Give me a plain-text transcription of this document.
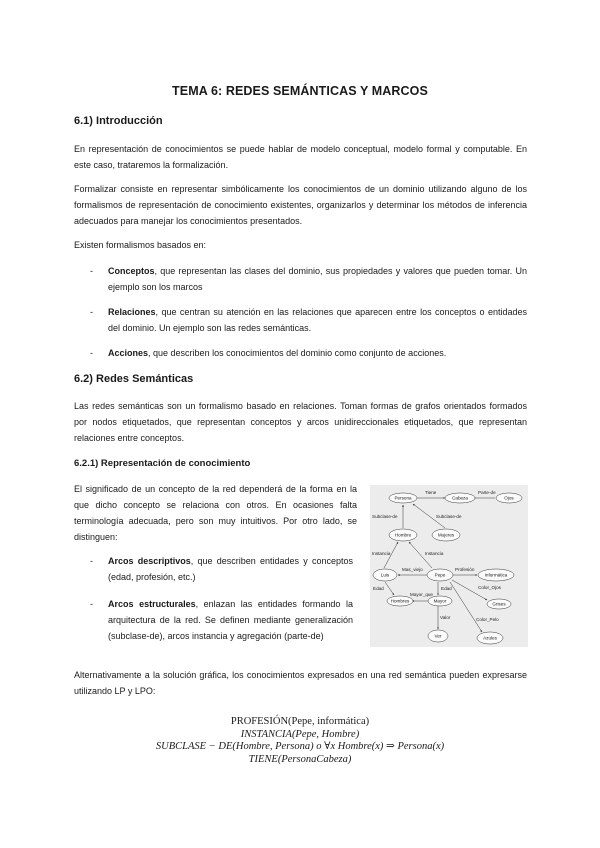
TEMA 6: REDES SEMÁNTICAS Y MARCOS
6.1) Introducción

En representación de conocimientos se puede hablar de modelo conceptual, modelo formal y computable. En este caso, trataremos la formalización.

Formalizar consiste en representar simbólicamente los conocimientos de un dominio utilizando alguno de los formalismos de representación de conocimiento existentes, organizarlos y determinar los métodos de inferencia adecuados para manejar los conocimientos presentados.

Existen formalismos basados en:

- Conceptos, que representan las clases del dominio, sus propiedades y valores que pueden tomar. Un ejemplo son los marcos
- Relaciones, que centran su atención en las relaciones que aparecen entre los conceptos o entidades del dominio. Un ejemplo son las redes semánticas.
- Acciones, que describen los conocimientos del dominio como conjunto de acciones.
6.2) Redes Semánticas

Las redes semánticas son un formalismo basado en relaciones. Toman formas de grafos orientados formados por nodos etiquetados, que representan conceptos y arcos unidireccionales etiquetados, que representan relaciones entre conceptos.

6.2.1) Representación de conocimiento

El significado de un concepto de la red dependerá de la forma en la que dicho concepto se relaciona con otros. En ocasiones falta terminología adecuada, pero son muy intuitivos. Por otro lado, se distinguen:

- Arcos descriptivos, que describen entidades y conceptos (edad, profesión, etc.)
- Arcos estructurales, enlazan las entidades formando la arquitectura de la red. Se definen mediante generalización (subclase-de), arcos instancia y agregación (parte-de)
Persona	Cabeza	Ojos
Hombre	Mujeres
Luis	Pepe	Informática
Hombres	Mayor
Grises
Ver	Azules
Tiene	Parte-de
Subclase-de	Subclase-de
Instancia	Instancia
Mas_viejo	Profesión
Mayor_que
Edad	Edad	Color_Ojos
Color_Pelo
Valor

Alternativamente a la solución gráfica, los conocimientos expresados en una red semántica pueden expresarse utilizando LP y LPO:

PROFESIÓN(Pepe, informática)
INSTANCIA(Pepe, Hombre)
SUBCLASE − DE(Hombre, Persona) o ∀x Hombre(x) ⇒ Persona(x)
TIENE(PersonaCabeza)
